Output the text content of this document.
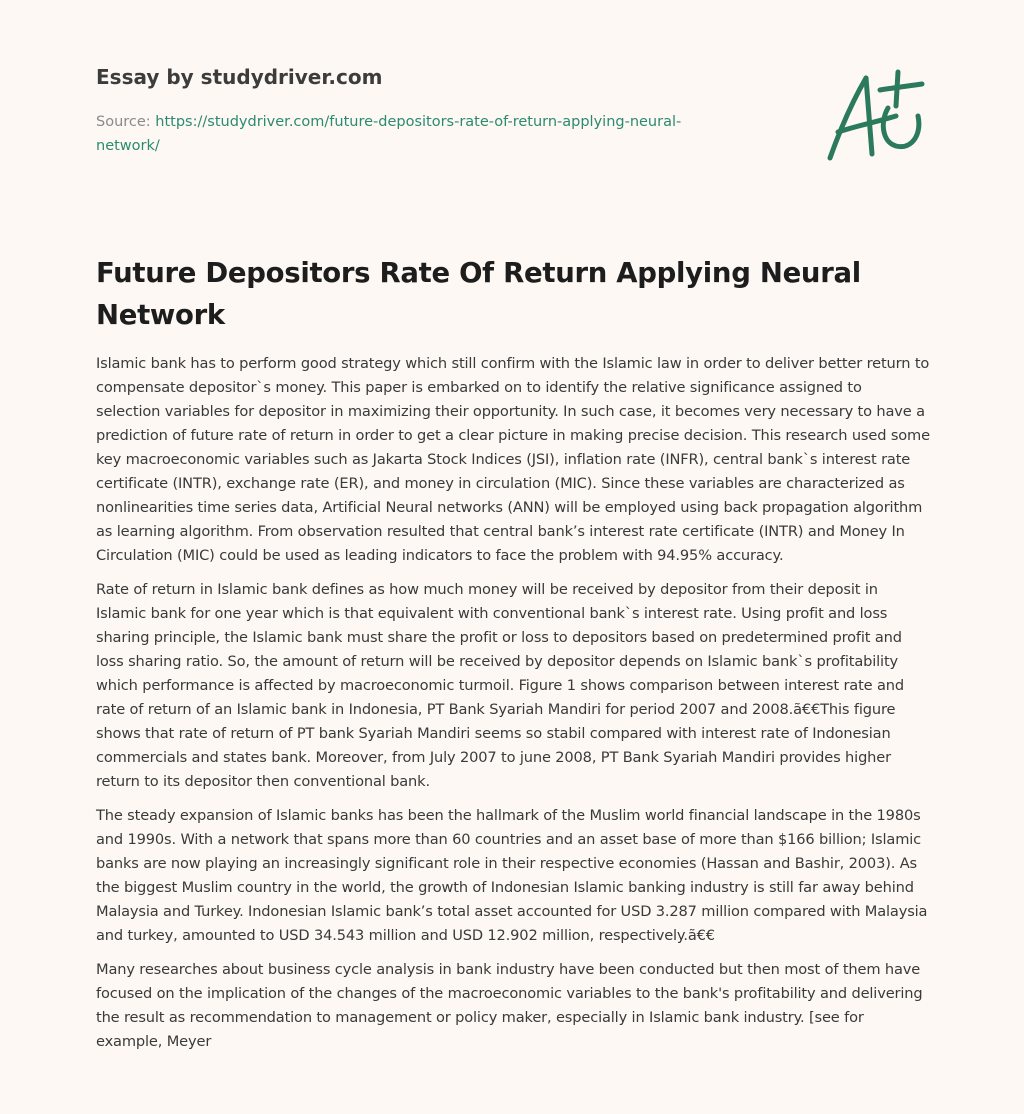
Essay by studydriver.com
Source: https://studydriver.com/future-depositors-rate-of-return-applying-neural-network/
Future Depositors Rate Of Return Applying Neural Network

Islamic bank has to perform good strategy which still confirm with the Islamic law in order to deliver better return to compensate depositor`s money. This paper is embarked on to identify the relative significance assigned to selection variables for depositor in maximizing their opportunity. In such case, it becomes very necessary to have a prediction of future rate of return in order to get a clear picture in making precise decision. This research used some key macroeconomic variables such as Jakarta Stock Indices (JSI), inflation rate (INFR), central bank`s interest rate certificate (INTR), exchange rate (ER), and money in circulation (MIC). Since these variables are characterized as nonlinearities time series data, Artificial Neural networks (ANN) will be employed using back propagation algorithm as learning algorithm. From observation resulted that central bank’s interest rate certificate (INTR) and Money In Circulation (MIC) could be used as leading indicators to face the problem with 94.95% accuracy.

Rate of return in Islamic bank defines as how much money will be received by depositor from their deposit in Islamic bank for one year which is that equivalent with conventional bank`s interest rate. Using profit and loss sharing principle, the Islamic bank must share the profit or loss to depositors based on predetermined profit and loss sharing ratio. So, the amount of return will be received by depositor depends on Islamic bank`s profitability which performance is affected by macroeconomic turmoil. Figure 1 shows comparison between interest rate and rate of return of an Islamic bank in Indonesia, PT Bank Syariah Mandiri for period 2007 and 2008.ã€€This figure shows that rate of return of PT bank Syariah Mandiri seems so stabil compared with interest rate of Indonesian commercials and states bank. Moreover, from July 2007 to june 2008, PT Bank Syariah Mandiri provides higher return to its depositor then conventional bank.

The steady expansion of Islamic banks has been the hallmark of the Muslim world financial landscape in the 1980s and 1990s. With a network that spans more than 60 countries and an asset base of more than $166 billion; Islamic banks are now playing an increasingly significant role in their respective economies (Hassan and Bashir, 2003). As the biggest Muslim country in the world, the growth of Indonesian Islamic banking industry is still far away behind Malaysia and Turkey. Indonesian Islamic bank’s total asset accounted for USD 3.287 million compared with Malaysia and turkey, amounted to USD 34.543 million and USD 12.902 million, respectively.ã€€

Many researches about business cycle analysis in bank industry have been conducted but then most of them have focused on the implication of the changes of the macroeconomic variables to the bank's profitability and delivering the result as recommendation to management or policy maker, especially in Islamic bank industry. [see for example, Meyer
